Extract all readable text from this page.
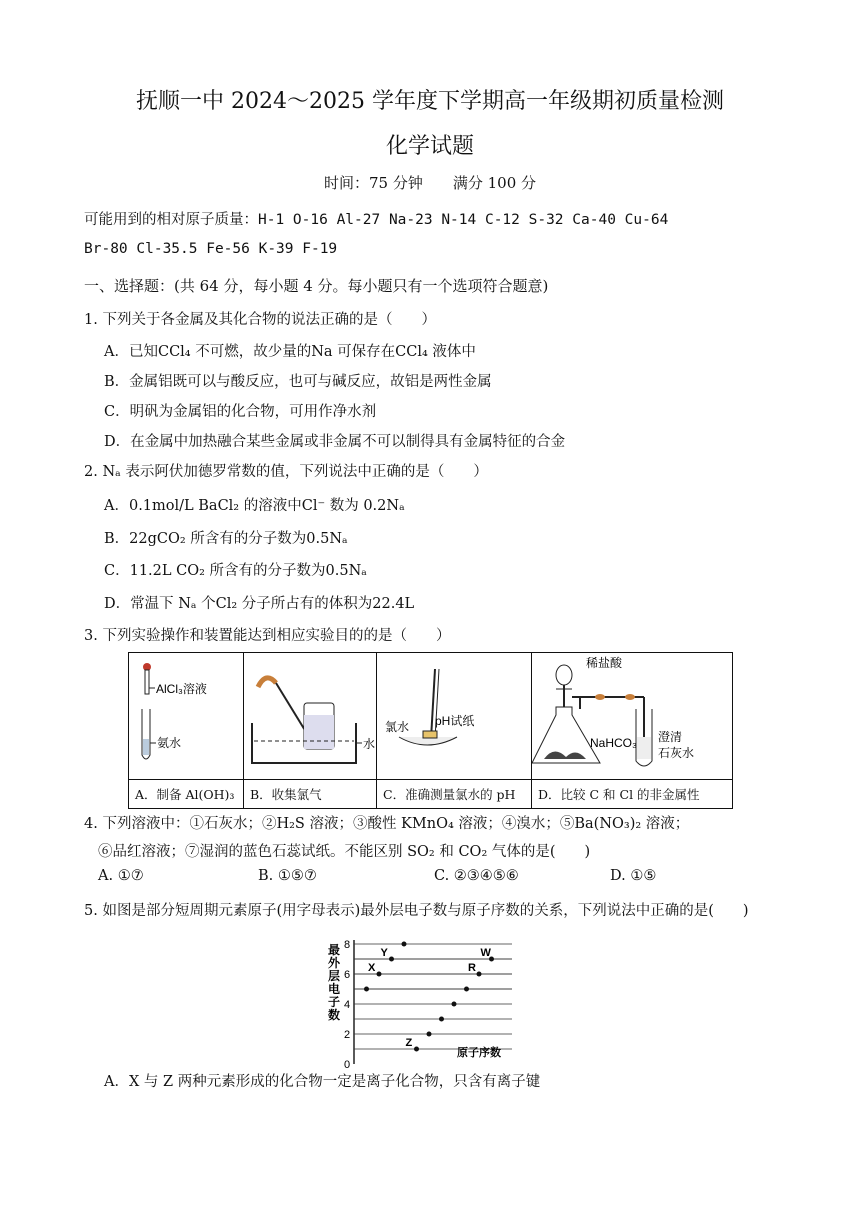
抚顺一中 2024～2025 学年度下学期高一年级期初质量检测
化学试题
时间：75 分钟 满分 100 分
可能用到的相对原子质量：H-1 O-16 Al-27 Na-23 N-14 C-12 S-32 Ca-40 Cu-64
Br-80 Cl-35.5 Fe-56 K-39 F-19
一、选择题：(共 64 分，每小题 4 分。每小题只有一个选项符合题意)
1. 下列关于各金属及其化合物的说法正确的是（　　）
A．已知CCl₄ 不可燃，故少量的Na 可保存在CCl₄ 液体中
B．金属铝既可以与酸反应，也可与碱反应，故铝是两性金属
C．明矾为金属铝的化合物，可用作净水剂
D．在金属中加热融合某些金属或非金属不可以制得具有金属特征的合金
2. Nₐ 表示阿伏加德罗常数的值，下列说法中正确的是（　　）
A．0.1mol/L BaCl₂ 的溶液中Cl⁻ 数为 0.2Nₐ
B．22gCO₂ 所含有的分子数为0.5Nₐ
C．11.2L CO₂ 所含有的分子数为0.5Nₐ
D．常温下 Nₐ 个Cl₂ 分子所占有的体积为22.4L
3. 下列实验操作和装置能达到相应实验目的的是（　　）
AlCl₃溶液
氨水	水	氯水 pH试纸	稀盐酸
NaHCO₃ 澄清
石灰水

A．制备 Al(OH)₃	B．收集氯气	C．准确测量氯水的 pH	D．比较 C 和 Cl 的非金属性
4. 下列溶液中：①石灰水；②H₂S 溶液；③酸性 KMnO₄ 溶液；④溴水；⑤Ba(NO₃)₂ 溶液；
⑥品红溶液；⑦湿润的蓝色石蕊试纸。不能区别 SO₂ 和 CO₂ 气体的是(　　)
A. ①⑦	B. ①⑤⑦	C. ②③④⑤⑥	D. ①⑤
5. 如图是部分短周期元素原子(用字母表示)最外层电子数与原子序数的关系，下列说法中正确的是(　　)
0
2
4
6
8
X
Y
Z
R
W
最外层电子数
原子序数
A．X 与 Z 两种元素形成的化合物一定是离子化合物，只含有离子键
